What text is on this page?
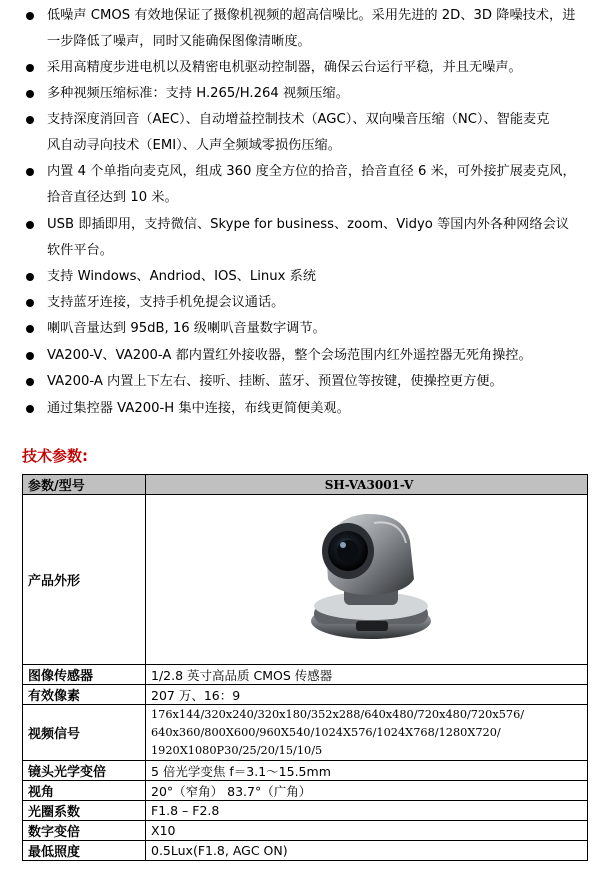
低噪声 CMOS 有效地保证了摄像机视频的超高信噪比。采用先进的 2D、3D 降噪技术，进
一步降低了噪声，同时又能确保图像清晰度。
采用高精度步进电机以及精密电机驱动控制器，确保云台运行平稳，并且无噪声。
多种视频压缩标准：支持 H.265/H.264 视频压缩。
支持深度消回音（AEC）、自动增益控制技术（AGC）、双向噪音压缩（NC）、智能麦克
风自动寻向技术（EMI）、人声全频域零损伤压缩。
内置 4 个单指向麦克风，组成 360 度全方位的拾音，拾音直径 6 米，可外接扩展麦克风，
拾音直径达到 10 米。
USB 即插即用，支持微信、Skype for business、zoom、Vidyo 等国内外各种网络会议
软件平台。
支持 Windows、Andriod、IOS、Linux 系统
支持蓝牙连接，支持手机免提会议通话。
喇叭音量达到 95dB, 16 级喇叭音量数字调节。
VA200-V、VA200-A 都内置红外接收器，整个会场范围内红外遥控器无死角操控。
VA200-A 内置上下左右、接听、挂断、蓝牙、预置位等按键，使操控更方便。
通过集控器 VA200-H 集中连接，布线更简便美观。
技术参数:
参数/型号	SH-VA3001-V
产品外形	

图像传感器	1/2.8 英寸高品质 CMOS 传感器
有效像素	207 万、16：9
视频信号	176x144/320x240/320x180/352x288/640x480/720x480/720x576/
640x360/800X600/960X540/1024X576/1024X768/1280X720/
1920X1080P30/25/20/15/10/5

镜头光学变倍	5 倍光学变焦 f＝3.1～15.5mm
视角	20°（窄角） 83.7°（广角）
光圈系数	F1.8 – F2.8
数字变倍	X10
最低照度	0.5Lux(F1.8, AGC ON)
